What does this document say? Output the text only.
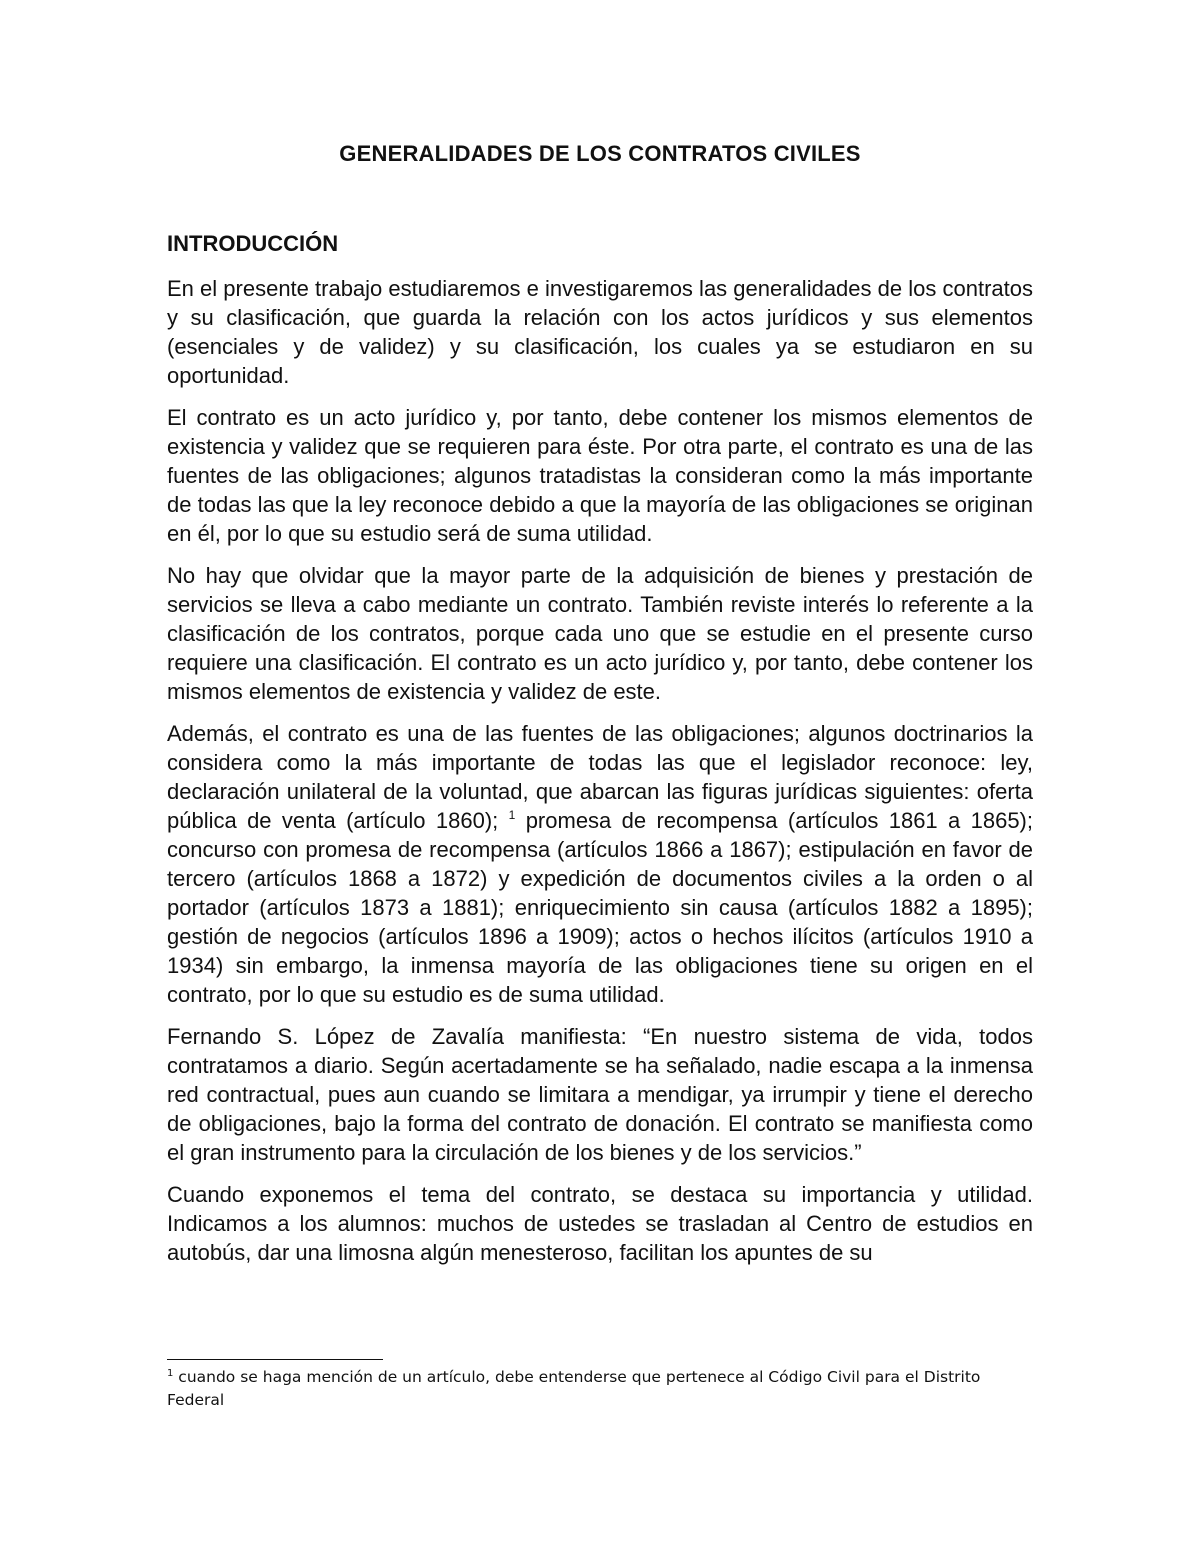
GENERALIDADES DE LOS CONTRATOS CIVILES
INTRODUCCIÓN

En el presente trabajo estudiaremos e investigaremos las generalidades de los contratos y su clasificación, que guarda la relación con los actos jurídicos y sus elementos (esenciales y de validez) y su clasificación, los cuales ya se estudiaron en su oportunidad.

El contrato es un acto jurídico y, por tanto, debe contener los mismos elementos de existencia y validez que se requieren para éste. Por otra parte, el contrato es una de las fuentes de las obligaciones; algunos tratadistas la consideran como la más importante de todas las que la ley reconoce debido a que la mayoría de las obligaciones se originan en él, por lo que su estudio será de suma utilidad.

No hay que olvidar que la mayor parte de la adquisición de bienes y prestación de servicios se lleva a cabo mediante un contrato. También reviste interés lo referente a la clasificación de los contratos, porque cada uno que se estudie en el presente curso requiere una clasificación. El contrato es un acto jurídico y, por tanto, debe contener los mismos elementos de existencia y validez de este.

Además, el contrato es una de las fuentes de las obligaciones; algunos doctrinarios la considera como la más importante de todas las que el legislador reconoce: ley, declaración unilateral de la voluntad, que abarcan las figuras jurídicas siguientes: oferta pública de venta (artículo 1860); $^1$ promesa de recompensa (artículos 1861 a 1865); concurso con promesa de recompensa (artículos 1866 a 1867); estipulación en favor de tercero (artículos 1868 a 1872) y expedición de documentos civiles a la orden o al portador (artículos 1873 a 1881); enriquecimiento sin causa (artículos 1882 a 1895); gestión de negocios (artículos 1896 a 1909); actos o hechos ilícitos (artículos 1910 a 1934) sin embargo, la inmensa mayoría de las obligaciones tiene su origen en el contrato, por lo que su estudio es de suma utilidad.

Fernando S. López de Zavalía manifiesta: “En nuestro sistema de vida, todos contratamos a diario. Según acertadamente se ha señalado, nadie escapa a la inmensa red contractual, pues aun cuando se limitara a mendigar, ya irrumpir y tiene el derecho de obligaciones, bajo la forma del contrato de donación. El contrato se manifiesta como el gran instrumento para la circulación de los bienes y de los servicios.”

Cuando exponemos el tema del contrato, se destaca su importancia y utilidad. Indicamos a los alumnos: muchos de ustedes se trasladan al Centro de estudios en autobús, dar una limosna algún menesteroso, facilitan los apuntes de su

$^1$ cuando se haga mención de un artículo, debe entenderse que pertenece al Código Civil para el Distrito Federal
